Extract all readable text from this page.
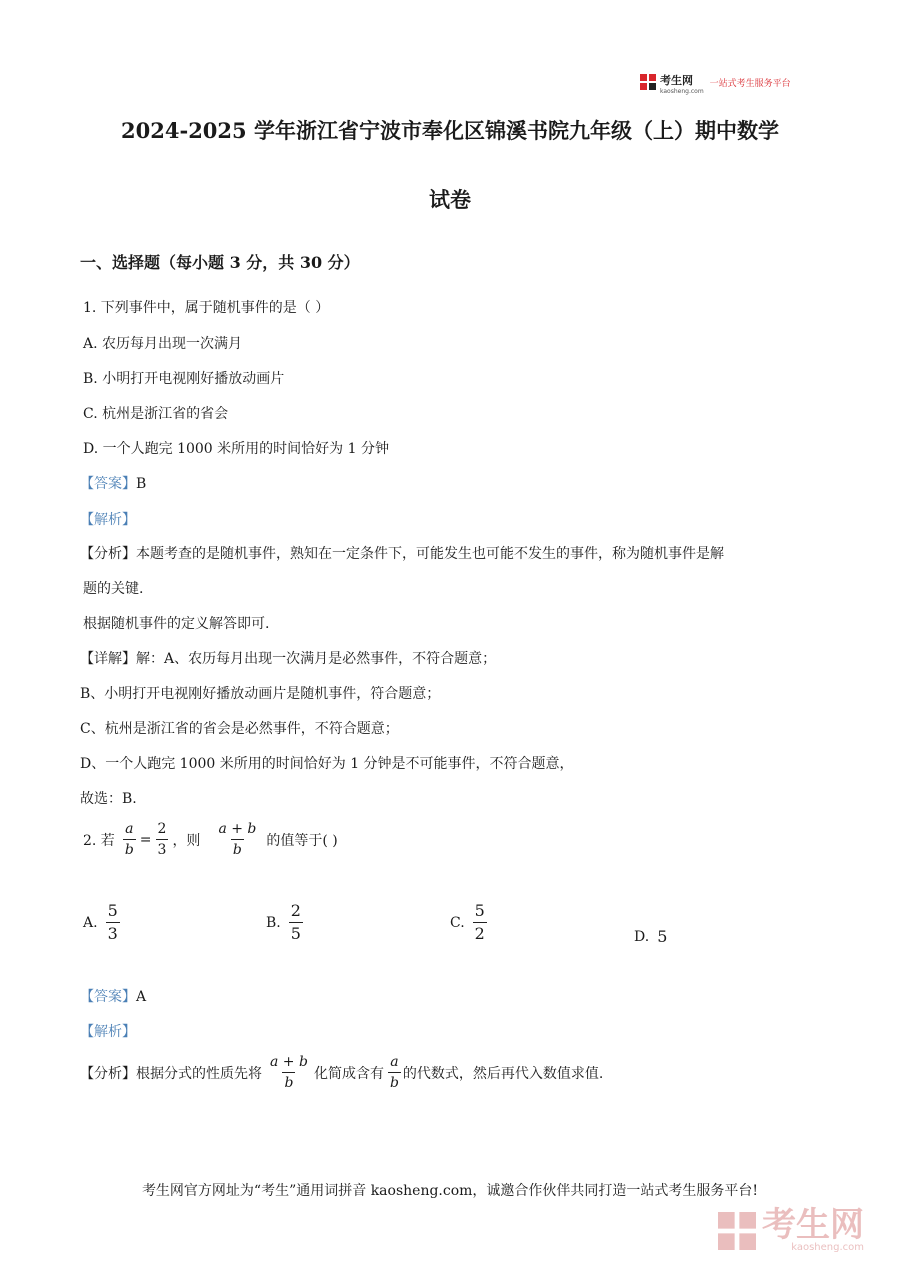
考生网
kaosheng.com
一站式考生服务平台
2024-2025 学年浙江省宁波市奉化区锦溪书院九年级（上）期中数学
试卷
一、选择题（每小题 3 分，共 30 分）
1. 下列事件中，属于随机事件的是（ ）
A. 农历每月出现一次满月
B. 小明打开电视刚好播放动画片
C. 杭州是浙江省的省会
D. 一个人跑完 1000 米所用的时间恰好为 1 分钟
【答案】B
【解析】
【分析】本题考查的是随机事件，熟知在一定条件下，可能发生也可能不发生的事件，称为随机事件是解
题的关键.
根据随机事件的定义解答即可.
【详解】解：A、农历每月出现一次满月是必然事件，不符合题意；
B、小明打开电视刚好播放动画片是随机事件，符合题意；
C、杭州是浙江省的省会是必然事件，不符合题意；
D、一个人跑完 1000 米所用的时间恰好为 1 分钟是不可能事件，不符合题意，
故选：B.
2. 若 $\frac{a}{b} = \frac{2}{3}$ ，则 $\frac{a + b}{b}$ 的值等于( )
A. $\frac{5}{3}$	B. $\frac{2}{5}$	C. $\frac{5}{2}$	D. 5
【答案】A
【解析】
【分析】根据分式的性质先将 $\frac{a + b}{b}$ 化简成含有 $\frac{a}{b}$ 的代数式，然后再代入数值求值.
考生网官方网址为“考生”通用词拼音 kaosheng.com，诚邀合作伙伴共同打造一站式考生服务平台!
考生网
kaosheng.com
